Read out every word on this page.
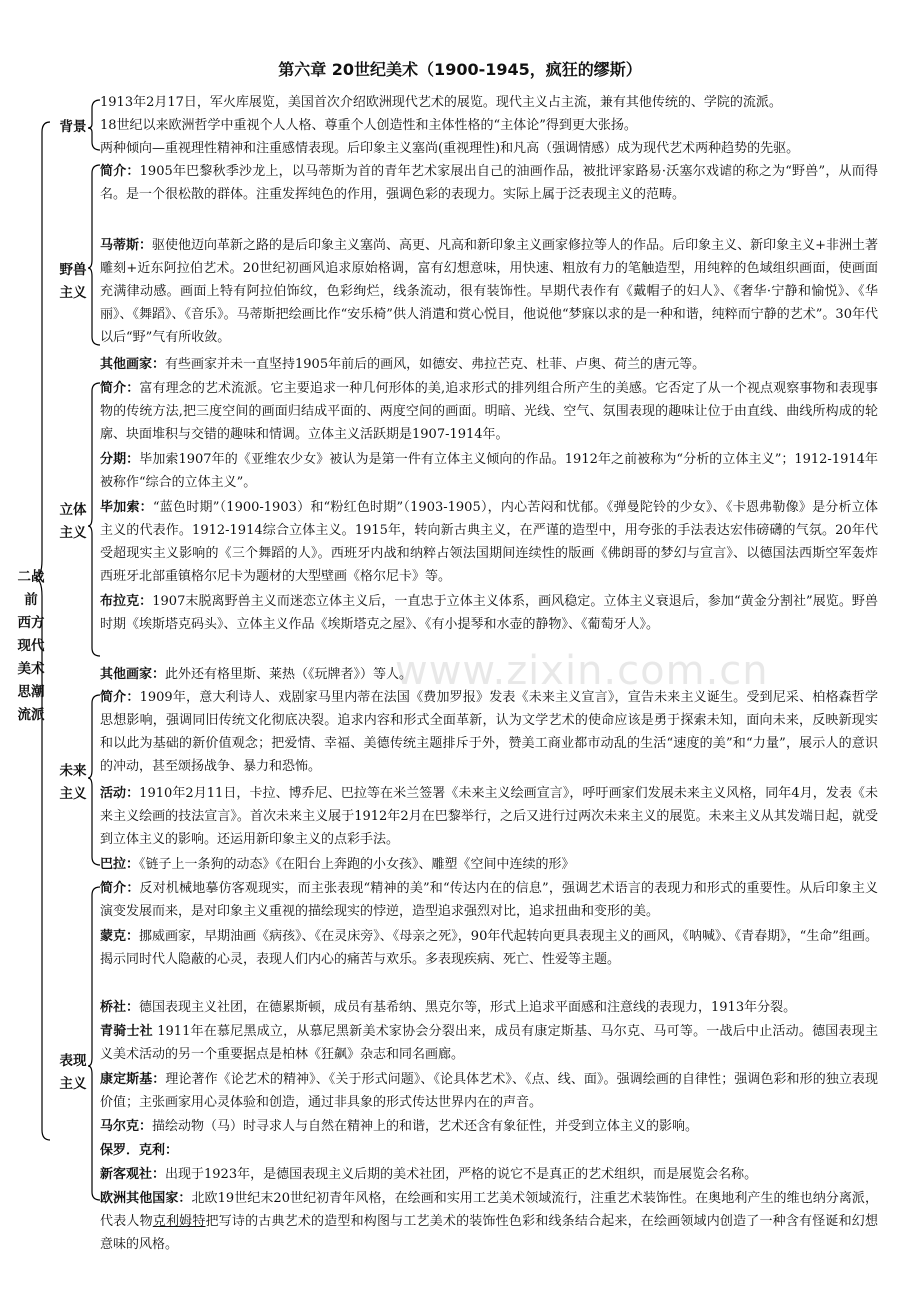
第六章 20世纪美术（1900-1945，疯狂的缪斯）
www.zixin.com.cn
二战
前
西方
现代
美术
思潮
流派
背景
野兽
主义
立体
主义
未来
主义
表现
主义
1913年2月17日，军火库展览，美国首次介绍欧洲现代艺术的展览。现代主义占主流，兼有其他传统的、学院的流派。
18世纪以来欧洲哲学中重视个人人格、尊重个人创造性和主体性格的“主体论”得到更大张扬。
两种倾向—重视理性精神和注重感情表现。后印象主义塞尚(重视理性)和凡高（强调情感）成为现代艺术两种趋势的先驱。
简介：1905年巴黎秋季沙龙上，以马蒂斯为首的青年艺术家展出自己的油画作品，被批评家路易·沃塞尔戏谑的称之为“野兽”，从而得名。是一个很松散的群体。注重发挥纯色的作用，强调色彩的表现力。实际上属于泛表现主义的范畴。
马蒂斯：驱使他迈向革新之路的是后印象主义塞尚、高更、凡高和新印象主义画家修拉等人的作品。后印象主义、新印象主义+非洲土著雕刻+近东阿拉伯艺术。20世纪初画风追求原始格调，富有幻想意味，用快速、粗放有力的笔触造型，用纯粹的色域组织画面，使画面充满律动感。画面上特有阿拉伯饰纹，色彩绚烂，线条流动，很有装饰性。早期代表作有《戴帽子的妇人》、《奢华·宁静和愉悦》、《华丽》、《舞蹈》、《音乐》。马蒂斯把绘画比作“安乐椅”供人消遣和赏心悦目，他说他“梦寐以求的是一种和谐，纯粹而宁静的艺术”。30年代以后“野”气有所收敛。
其他画家：有些画家并未一直坚持1905年前后的画风，如德安、弗拉芒克、杜菲、卢奥、荷兰的唐元等。
简介：富有理念的艺术流派。它主要追求一种几何形体的美,追求形式的排列组合所产生的美感。它否定了从一个视点观察事物和表现事物的传统方法,把三度空间的画面归结成平面的、两度空间的画面。明暗、光线、空气、氛围表现的趣味让位于由直线、曲线所构成的轮廓、块面堆积与交错的趣味和情调。立体主义活跃期是1907-1914年。
分期：毕加索1907年的《亚维农少女》被认为是第一件有立体主义倾向的作品。1912年之前被称为“分析的立体主义”；1912-1914年被称作“综合的立体主义”。
毕加索：“蓝色时期”（1900-1903）和“粉红色时期”（1903-1905），内心苦闷和忧郁。《弹曼陀铃的少女》、《卡恩弗勒像》是分析立体主义的代表作。1912-1914综合立体主义。1915年，转向新古典主义，在严谨的造型中，用夸张的手法表达宏伟磅礴的气氛。20年代受超现实主义影响的《三个舞蹈的人》。西班牙内战和纳粹占领法国期间连续性的版画《佛朗哥的梦幻与宣言》、以德国法西斯空军轰炸西班牙北部重镇格尔尼卡为题材的大型壁画《格尔尼卡》等。
布拉克：1907末脱离野兽主义而迷恋立体主义后，一直忠于立体主义体系，画风稳定。立体主义衰退后，参加“黄金分割社”展览。野兽时期《埃斯塔克码头》、立体主义作品《埃斯塔克之屋》、《有小提琴和水壶的静物》、《葡萄牙人》。
其他画家：此外还有格里斯、莱热（《玩牌者》）等人。
简介：1909年，意大利诗人、戏剧家马里内蒂在法国《费加罗报》发表《未来主义宣言》，宣告未来主义诞生。受到尼采、柏格森哲学思想影响，强调同旧传统文化彻底决裂。追求内容和形式全面革新，认为文学艺术的使命应该是勇于探索未知，面向未来，反映新现实和以此为基础的新价值观念；把爱情、幸福、美德传统主题排斥于外，赞美工商业都市动乱的生活“速度的美”和“力量”，展示人的意识的冲动，甚至颂扬战争、暴力和恐怖。
活动：1910年2月11日，卡拉、博乔尼、巴拉等在米兰签署《未来主义绘画宣言》，呼吁画家们发展未来主义风格，同年4月，发表《未来主义绘画的技法宣言》。首次未来主义展于1912年2月在巴黎举行，之后又进行过两次未来主义的展览。未来主义从其发端日起，就受到立体主义的影响。还运用新印象主义的点彩手法。
巴拉：《链子上一条狗的动态》《在阳台上奔跑的小女孩》、雕塑《空间中连续的形》
简介：反对机械地摹仿客观现实，而主张表现“精神的美”和“传达内在的信息”，强调艺术语言的表现力和形式的重要性。从后印象主义演变发展而来，是对印象主义重视的描绘现实的悖逆，造型追求强烈对比，追求扭曲和变形的美。
蒙克：挪威画家，早期油画《病孩》、《在灵床旁》、《母亲之死》，90年代起转向更具表现主义的画风，《呐喊》、《青春期》，“生命”组画。揭示同时代人隐蔽的心灵，表现人们内心的痛苦与欢乐。多表现疾病、死亡、性爱等主题。
桥社：德国表现主义社团，在德累斯顿，成员有基希纳、黑克尔等，形式上追求平面感和注意线的表现力，1913年分裂。
青骑士社 1911年在慕尼黑成立，从慕尼黑新美术家协会分裂出来，成员有康定斯基、马尔克、马可等。一战后中止活动。德国表现主义美术活动的另一个重要据点是柏林《狂飙》杂志和同名画廊。
康定斯基：理论著作《论艺术的精神》、《关于形式问题》、《论具体艺术》、《点、线、面》。强调绘画的自律性；强调色彩和形的独立表现价值；主张画家用心灵体验和创造，通过非具象的形式传达世界内在的声音。
马尔克：描绘动物（马）时寻求人与自然在精神上的和谐，艺术还含有象征性，并受到立体主义的影响。
保罗．克利：
新客观社：出现于1923年，是德国表现主义后期的美术社团，严格的说它不是真正的艺术组织，而是展览会名称。
欧洲其他国家：北欧19世纪末20世纪初青年风格，在绘画和实用工艺美术领域流行，注重艺术装饰性。在奥地利产生的维也纳分离派，代表人物克利姆特把写诗的古典艺术的造型和构图与工艺美术的装饰性色彩和线条结合起来，在绘画领域内创造了一种含有怪诞和幻想意味的风格。
